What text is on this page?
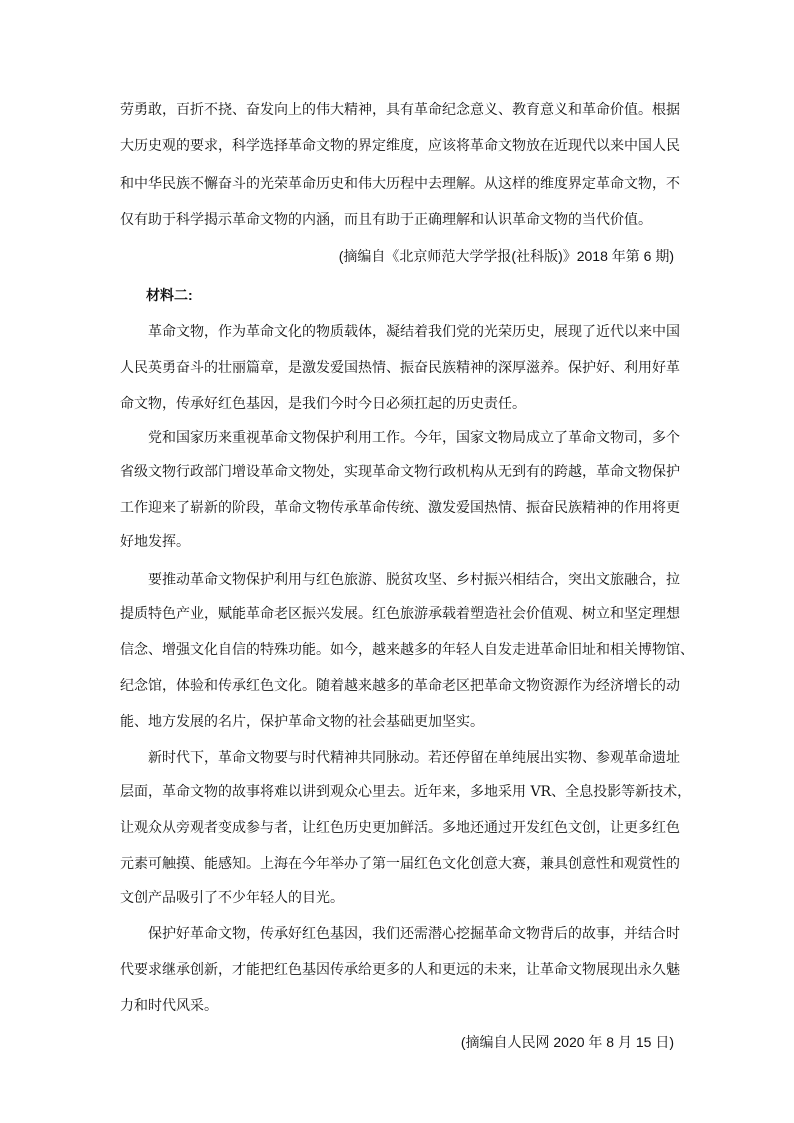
劳勇敢，百折不挠、奋发向上的伟大精神，具有革命纪念意义、教育意义和革命价值。根据
大历史观的要求，科学选择革命文物的界定维度，应该将革命文物放在近现代以来中国人民
和中华民族不懈奋斗的光荣革命历史和伟大历程中去理解。从这样的维度界定革命文物，不
仅有助于科学揭示革命文物的内涵，而且有助于正确理解和认识革命文物的当代价值。
(摘编自《北京师范大学学报(社科版)》2018 年第 6 期)
材料二:
革命文物，作为革命文化的物质载体，凝结着我们党的光荣历史，展现了近代以来中国
人民英勇奋斗的壮丽篇章，是激发爱国热情、振奋民族精神的深厚滋养。保护好、利用好革
命文物，传承好红色基因，是我们今时今日必须扛起的历史责任。
党和国家历来重视革命文物保护利用工作。今年，国家文物局成立了革命文物司，多个
省级文物行政部门增设革命文物处，实现革命文物行政机构从无到有的跨越，革命文物保护
工作迎来了崭新的阶段，革命文物传承革命传统、激发爱国热情、振奋民族精神的作用将更
好地发挥。
要推动革命文物保护利用与红色旅游、脱贫攻坚、乡村振兴相结合，突出文旅融合，拉
提质特色产业，赋能革命老区振兴发展。红色旅游承载着塑造社会价值观、树立和坚定理想
信念、增强文化自信的特殊功能。如今，越来越多的年轻人自发走进革命旧址和相关博物馆、
纪念馆，体验和传承红色文化。随着越来越多的革命老区把革命文物资源作为经济增长的动
能、地方发展的名片，保护革命文物的社会基础更加坚实。
新时代下，革命文物要与时代精神共同脉动。若还停留在单纯展出实物、参观革命遗址
层面，革命文物的故事将难以讲到观众心里去。近年来，多地采用 VR、全息投影等新技术，
让观众从旁观者变成参与者，让红色历史更加鲜活。多地还通过开发红色文创，让更多红色
元素可触摸、能感知。上海在今年举办了第一届红色文化创意大赛，兼具创意性和观赏性的
文创产品吸引了不少年轻人的目光。
保护好革命文物，传承好红色基因，我们还需潜心挖掘革命文物背后的故事，并结合时
代要求继承创新，才能把红色基因传承给更多的人和更远的未来，让革命文物展现出永久魅
力和时代风采。
(摘编自人民网 2020 年 8 月 15 日)
